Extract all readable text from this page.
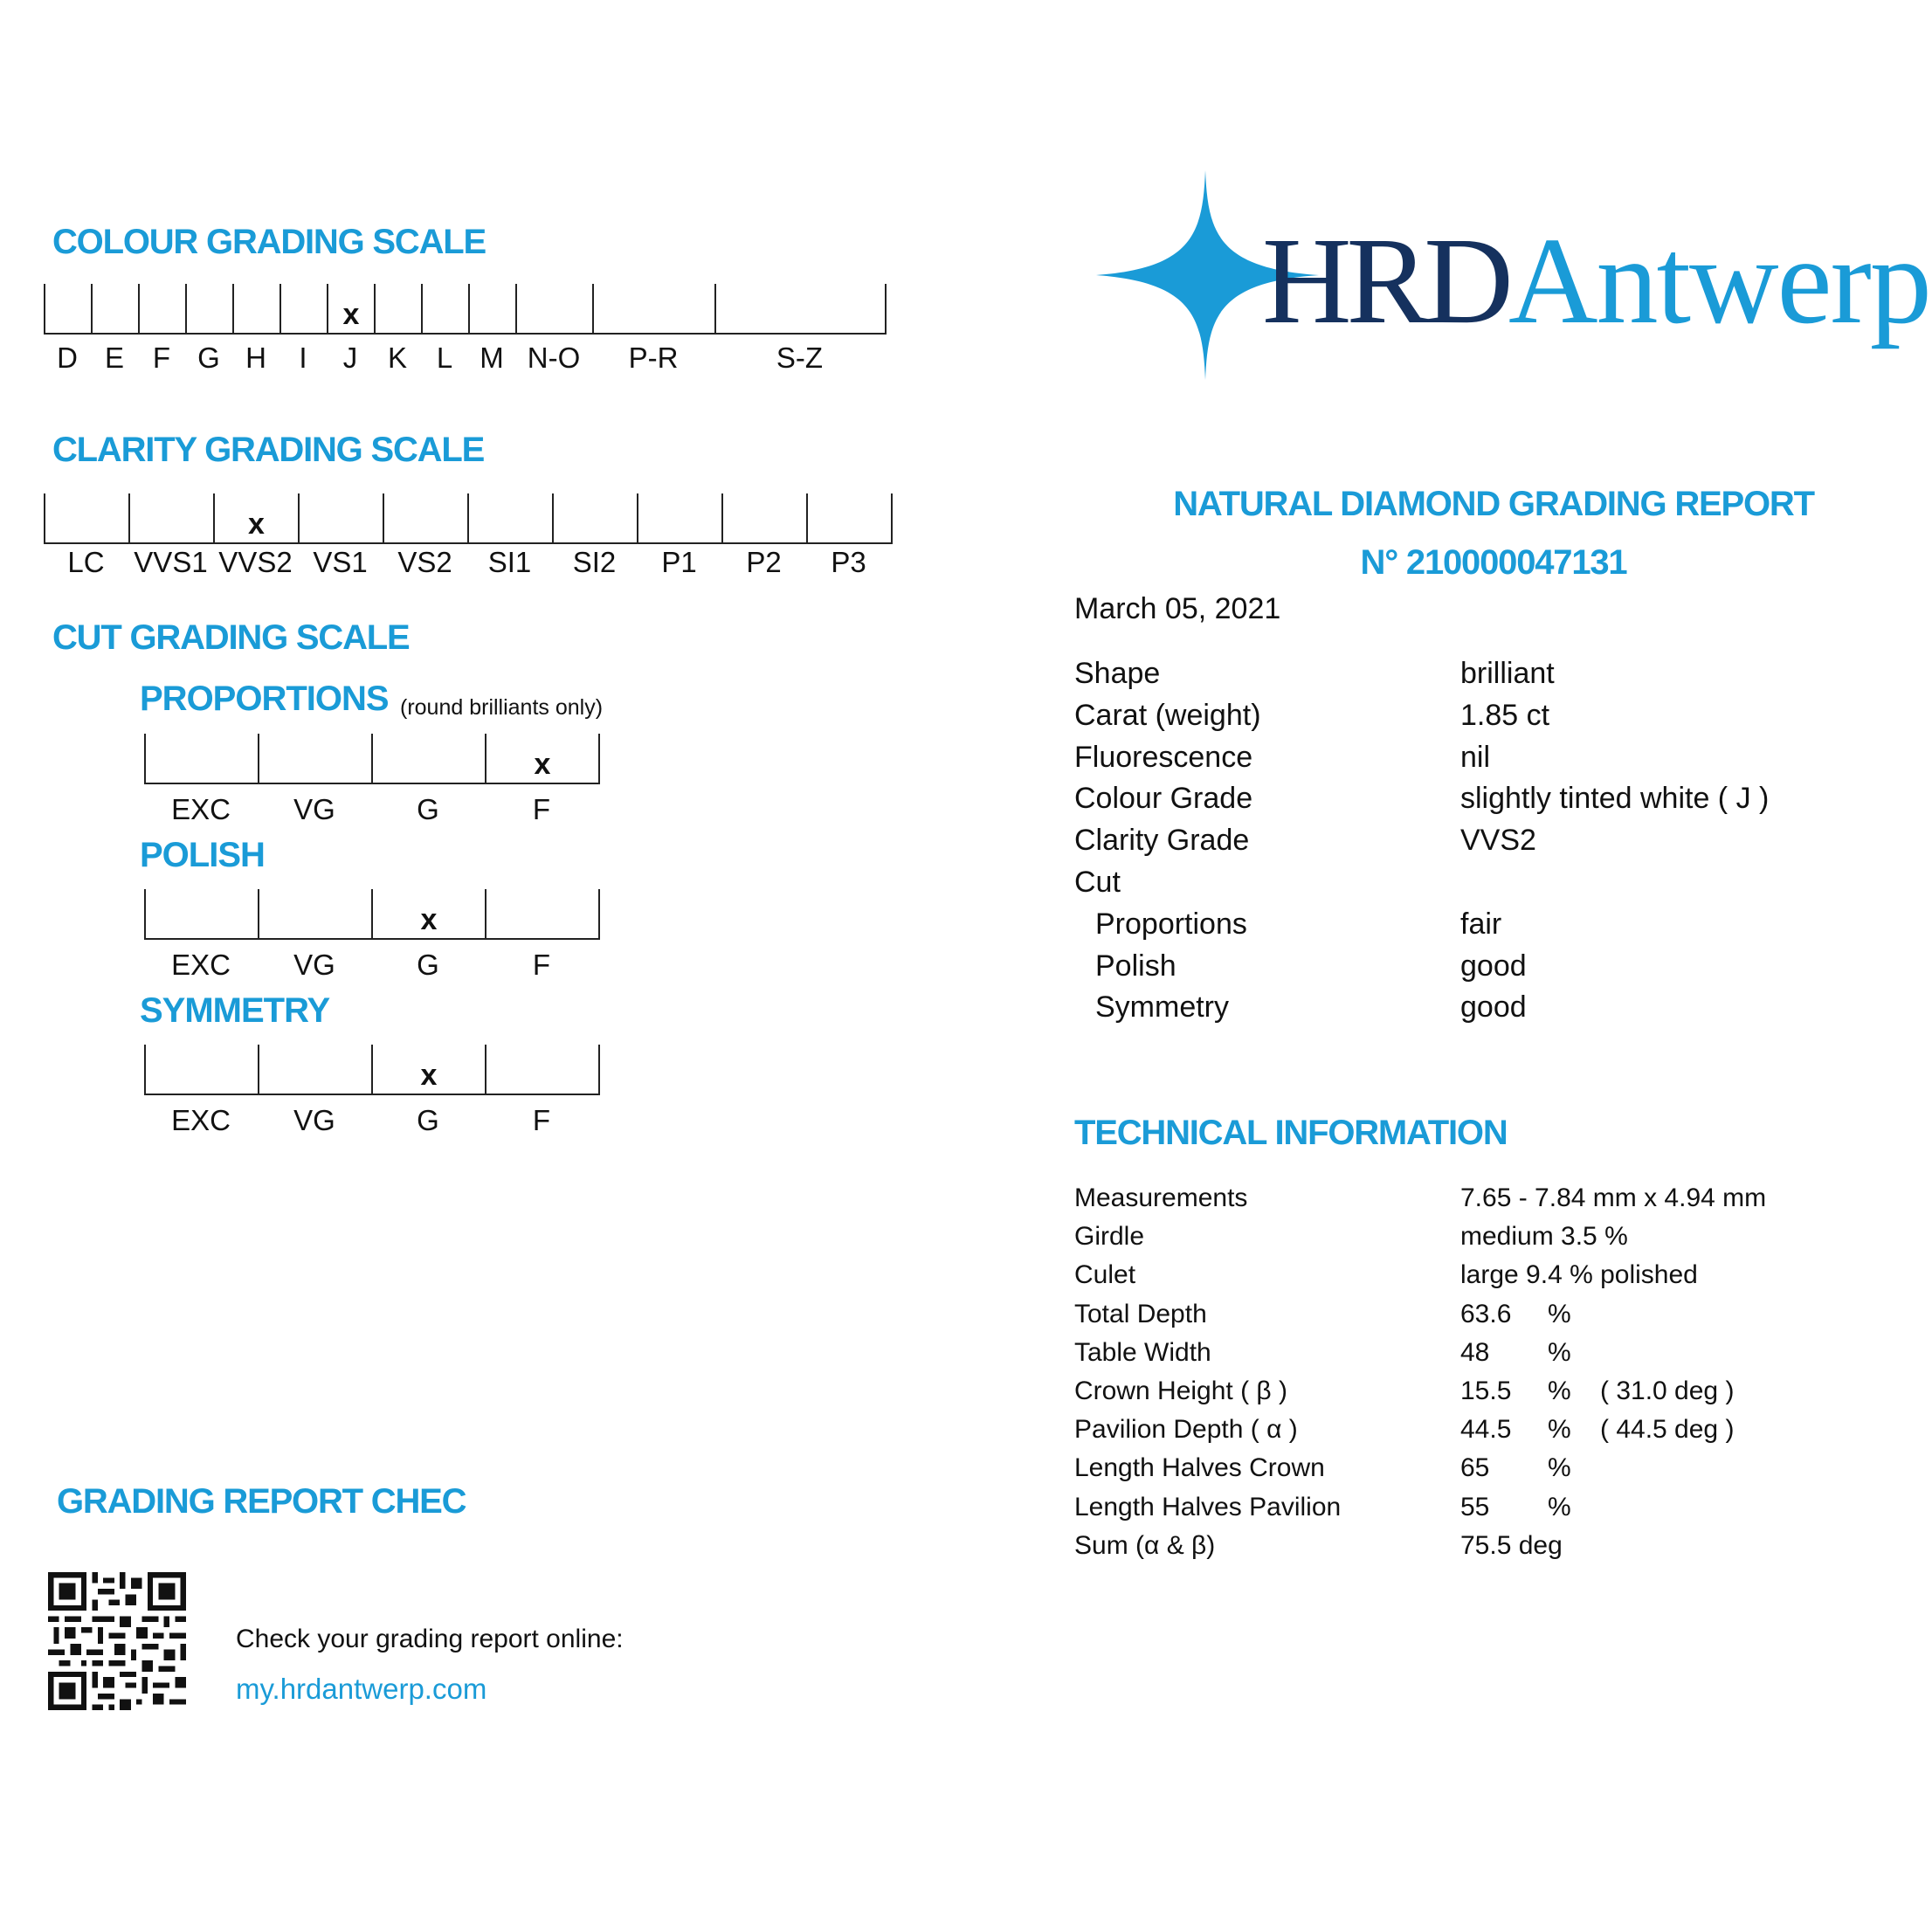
COLOUR GRADING SCALE
x
D E F G H	I	J	K	L M N-O	P-R	S-Z
CLARITY GRADING SCALE
x
LC	VVS1 VVS2 VS1	VS2	SI1	SI2	P1	P2	P3
CUT GRADING SCALE
PROPORTIONS (round brilliants only)
x
EXC	VG	G	F
POLISH
x
EXC	VG	G	F
SYMMETRY
x
EXC	VG	G	F
GRADING REPORT CHEC
Check your grading report online:
my.hrdantwerp.com
HRD Antwerp
NATURAL DIAMOND GRADING REPORT
N° 210000047131
March 05, 2021
Shape	brilliant
Carat (weight)	1.85 ct
Fluorescence	nil
Colour Grade	slightly tinted white ( J )
Clarity Grade	VVS2
Cut
Proportions	fair
Polish	good
Symmetry	good
TECHNICAL INFORMATION
Measurements	7.65 - 7.84 mm x 4.94 mm
Girdle	medium 3.5 %
Culet	large 9.4 % polished
Total Depth	63.6 %
Table Width	48 %
Crown Height ( β )	15.5 % ( 31.0 deg )
Pavilion Depth ( α )	44.5 % ( 44.5 deg )
Length Halves Crown	65 %
Length Halves Pavilion	55 %
Sum (α & β)	75.5 deg
